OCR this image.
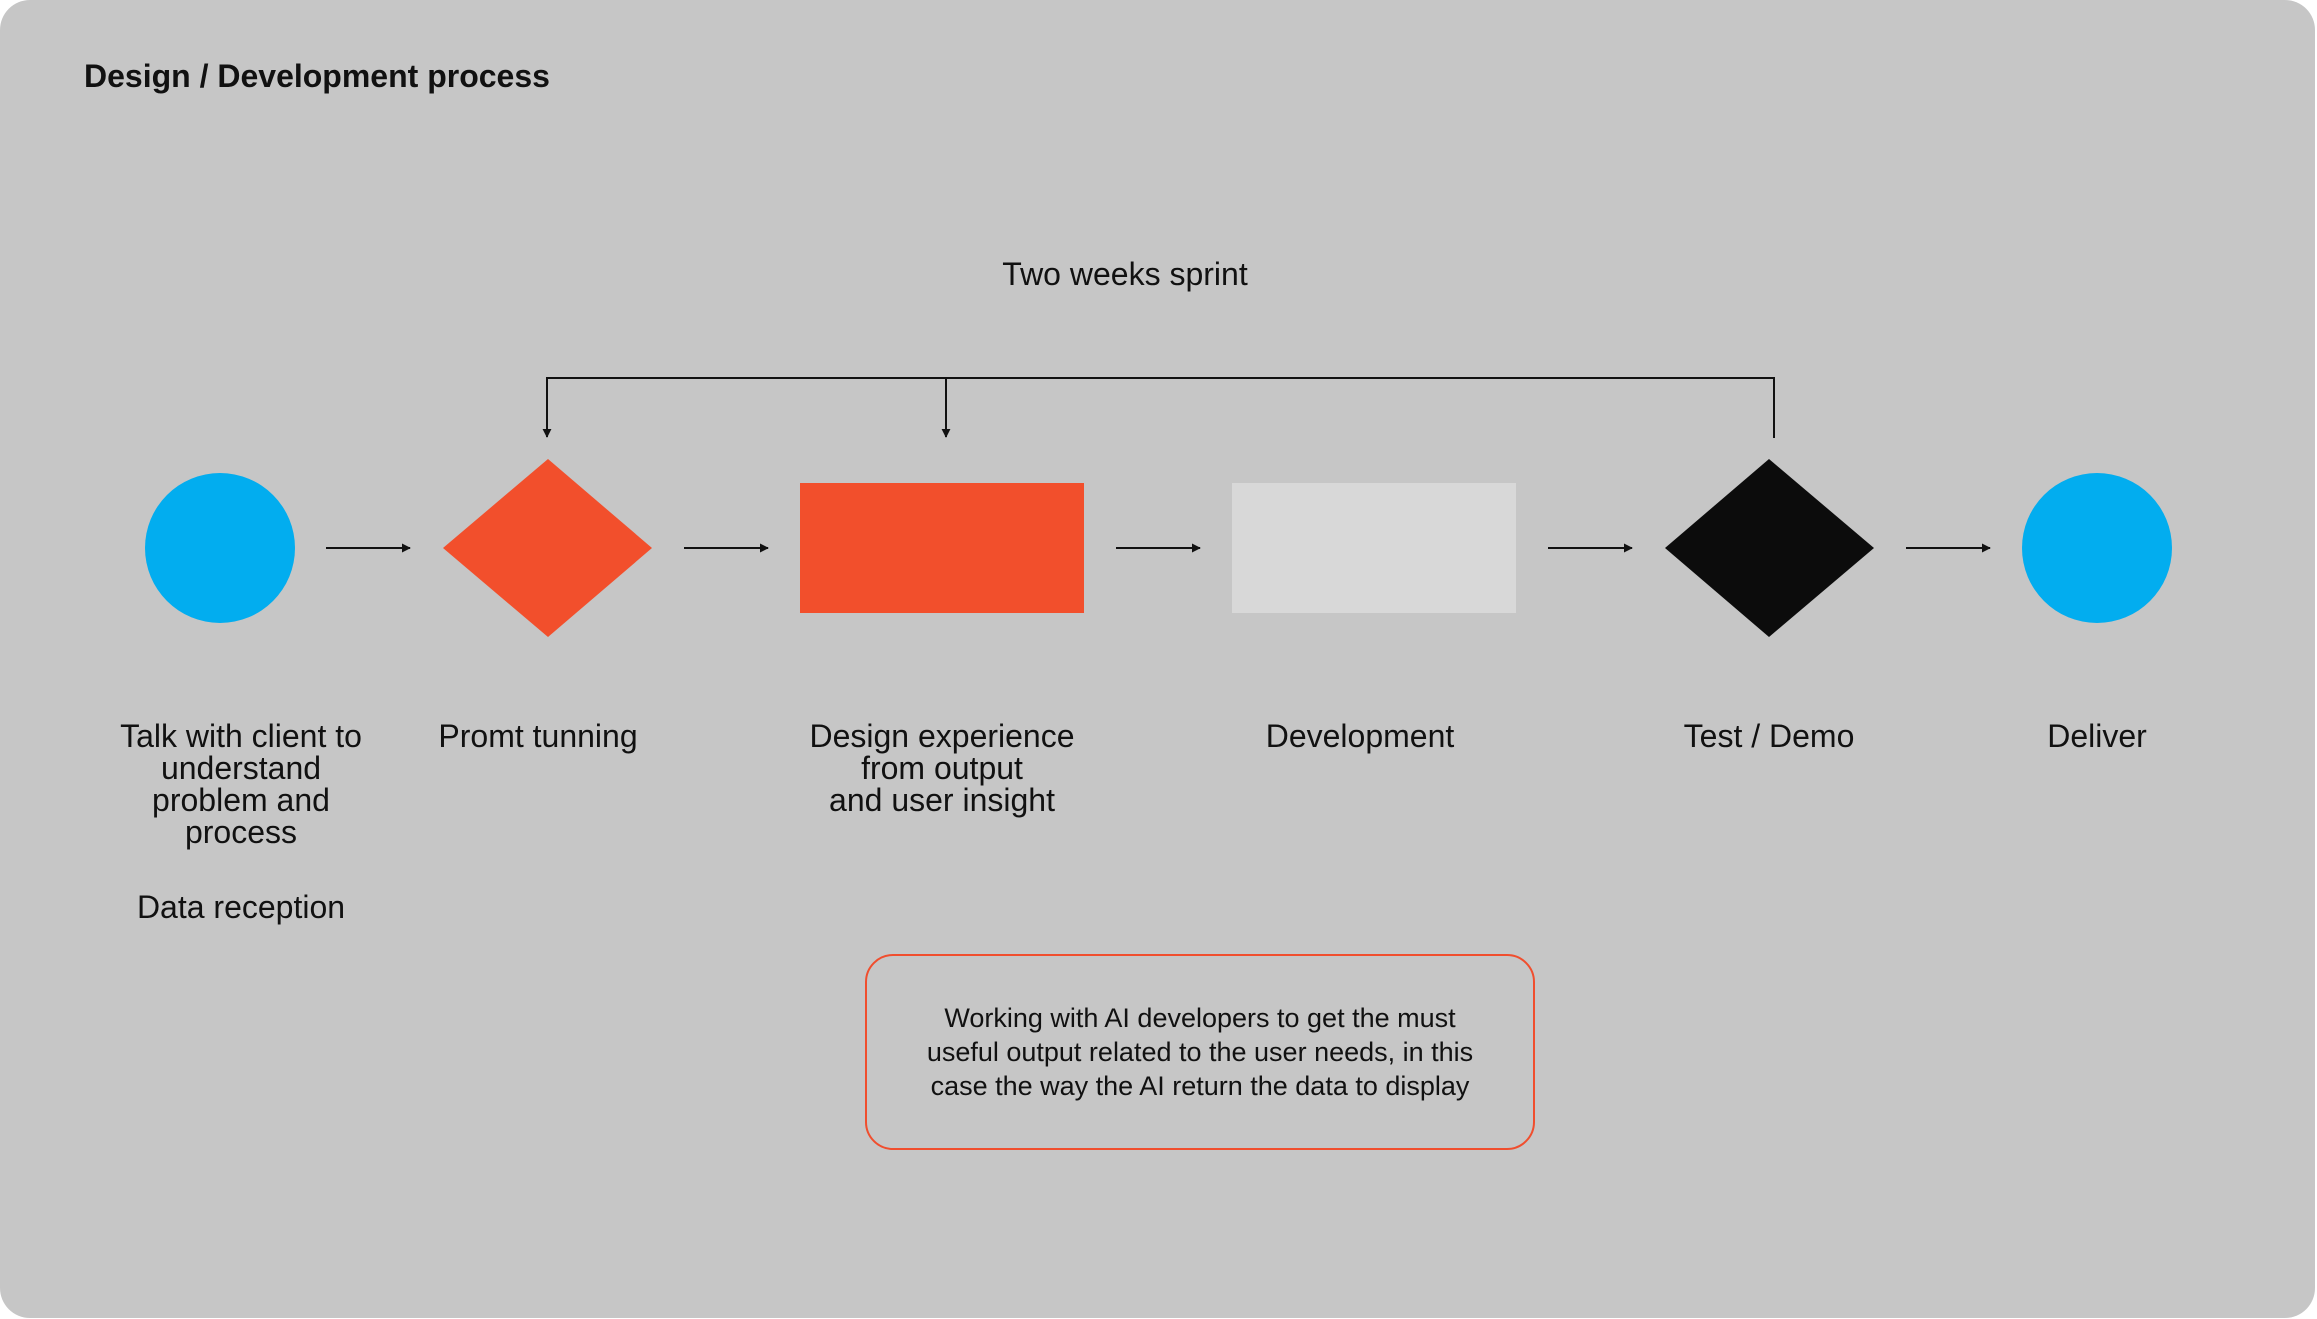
Design / Development process
Two weeks sprint
Talk with client to
understand
problem and
process
Data reception
Promt tunning	Design experience
from output
and user insight
Development	Test / Demo	Deliver
Working with AI developers to get the must useful output related to the user needs, in this case the way the AI return the data to display
